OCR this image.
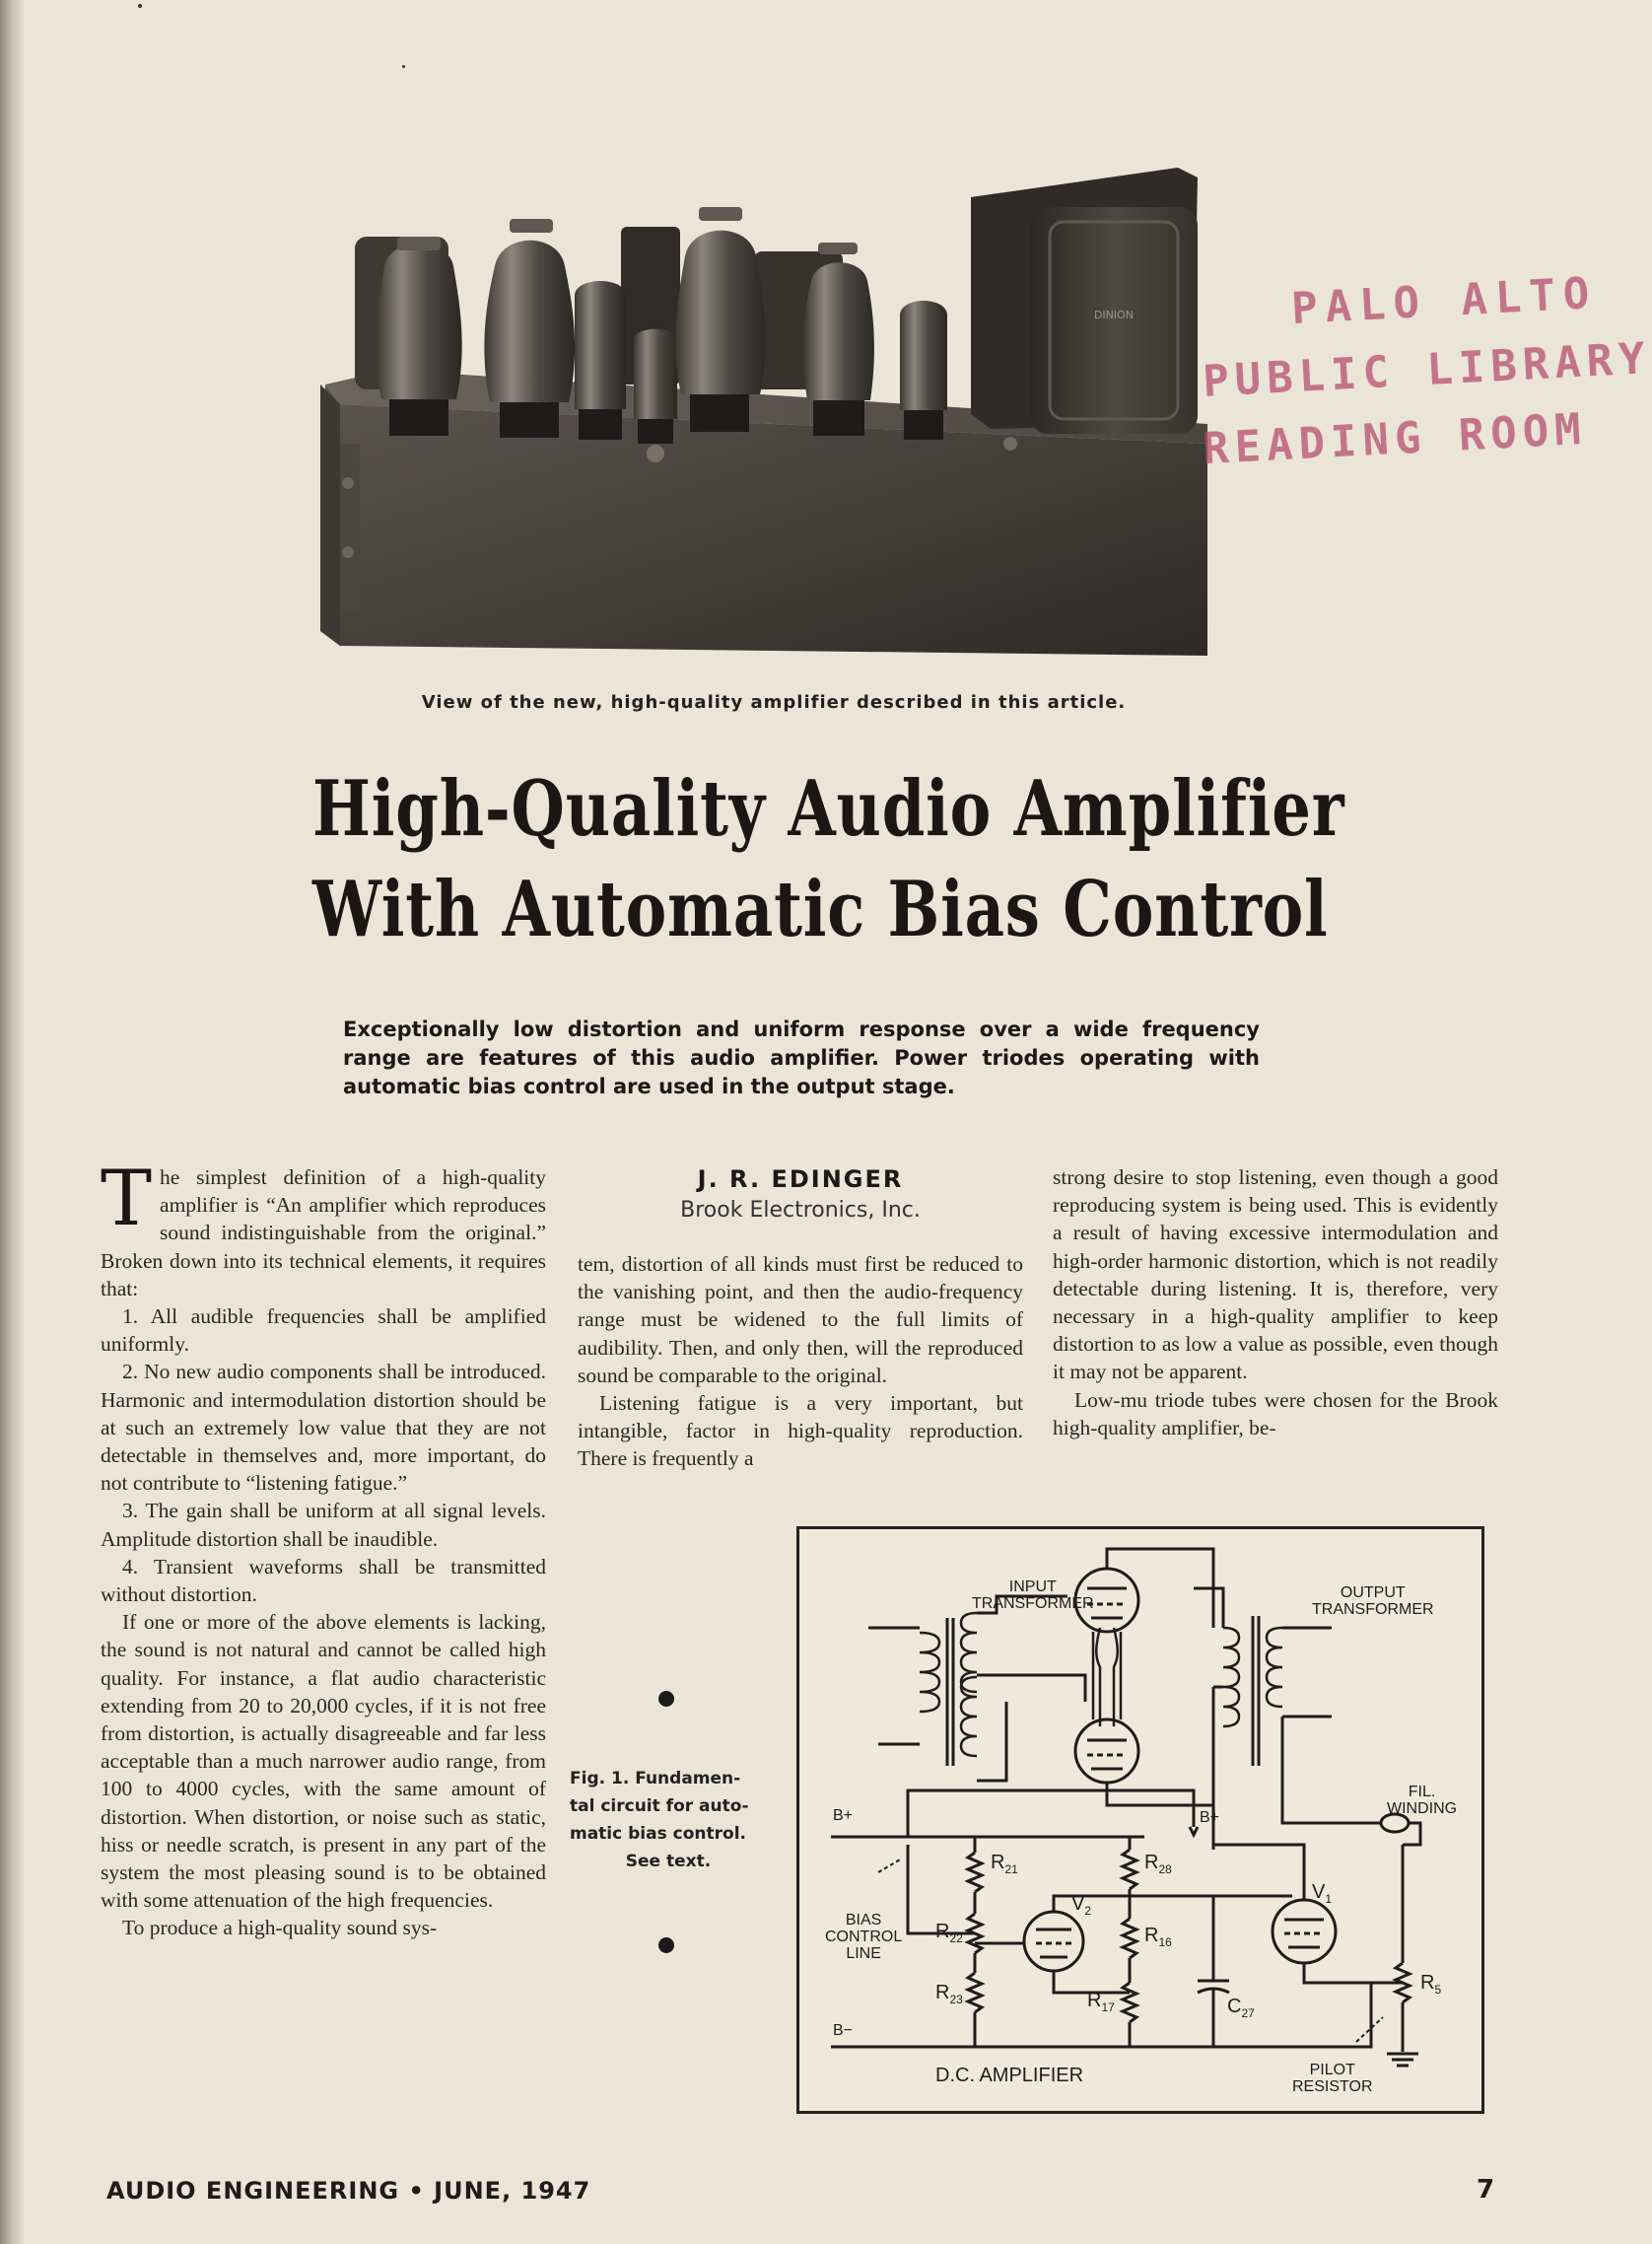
DINION
View of the new, high-quality amplifier described in this article.
PALO ALTO
PUBLIC LIBRARY
READING ROOM
High-Quality Audio Amplifier
With Automatic Bias Control
Exceptionally low distortion and uniform response over a wide frequency range are features of this audio amplifier. Power triodes operating with automatic bias control are used in the output stage.

The simplest definition of a high-quality amplifier is “An amplifier which reproduces sound indistinguishable from the original.” Broken down into its technical elements, it requires that:

1. All audible frequencies shall be amplified uniformly.

2. No new audio components shall be introduced. Harmonic and intermodulation distortion should be at such an extremely low value that they are not detectable in themselves and, more important, do not contribute to “listening fatigue.”

3. The gain shall be uniform at all signal levels. Amplitude distortion shall be inaudible.

4. Transient waveforms shall be transmitted without distortion.

If one or more of the above elements is lacking, the sound is not natural and cannot be called high quality. For instance, a flat audio characteristic extending from 20 to 20,000 cycles, if it is not free from distortion, is actually disagreeable and far less acceptable than a much narrower audio range, from 100 to 4000 cycles, with the same amount of distortion. When distortion, or noise such as static, hiss or needle scratch, is present in any part of the system the most pleasing sound is to be obtained with some attenuation of the high frequencies.

To produce a high-quality sound sys-

J. R. EDINGER
Brook Electronics, Inc.

tem, distortion of all kinds must first be reduced to the vanishing point, and then the audio-frequency range must be widened to the full limits of audibility. Then, and only then, will the reproduced sound be comparable to the original.

Listening fatigue is a very important, but intangible, factor in high-quality reproduction. There is frequently a

strong desire to stop listening, even though a good reproducing system is being used. This is evidently a result of having excessive intermodulation and high-order harmonic distortion, which is not readily detectable during listening. It is, therefore, very necessary in a high-quality amplifier to keep distortion to as low a value as possible, even though it may not be apparent.

Low-mu triode tubes were chosen for the Brook high-quality amplifier, be-

Fig. 1. Fundamen-
tal circuit for auto-
matic bias control.
See text.
INPUT
TRANSFORMER
OUTPUT
TRANSFORMER
B+	B+
B−
FIL.
WINDING
BIAS
CONTROL
LINE
$R_{21}$
$R_{22}$
$R_{23}$
$R_{28}$
$R_{16}$
$R_{17}$
$R_5$
$C_{27}$
$V_1$
$V_2$
D.C. AMPLIFIER	PILOT
RESISTOR
AUDIO ENGINEERING • JUNE, 1947	7
